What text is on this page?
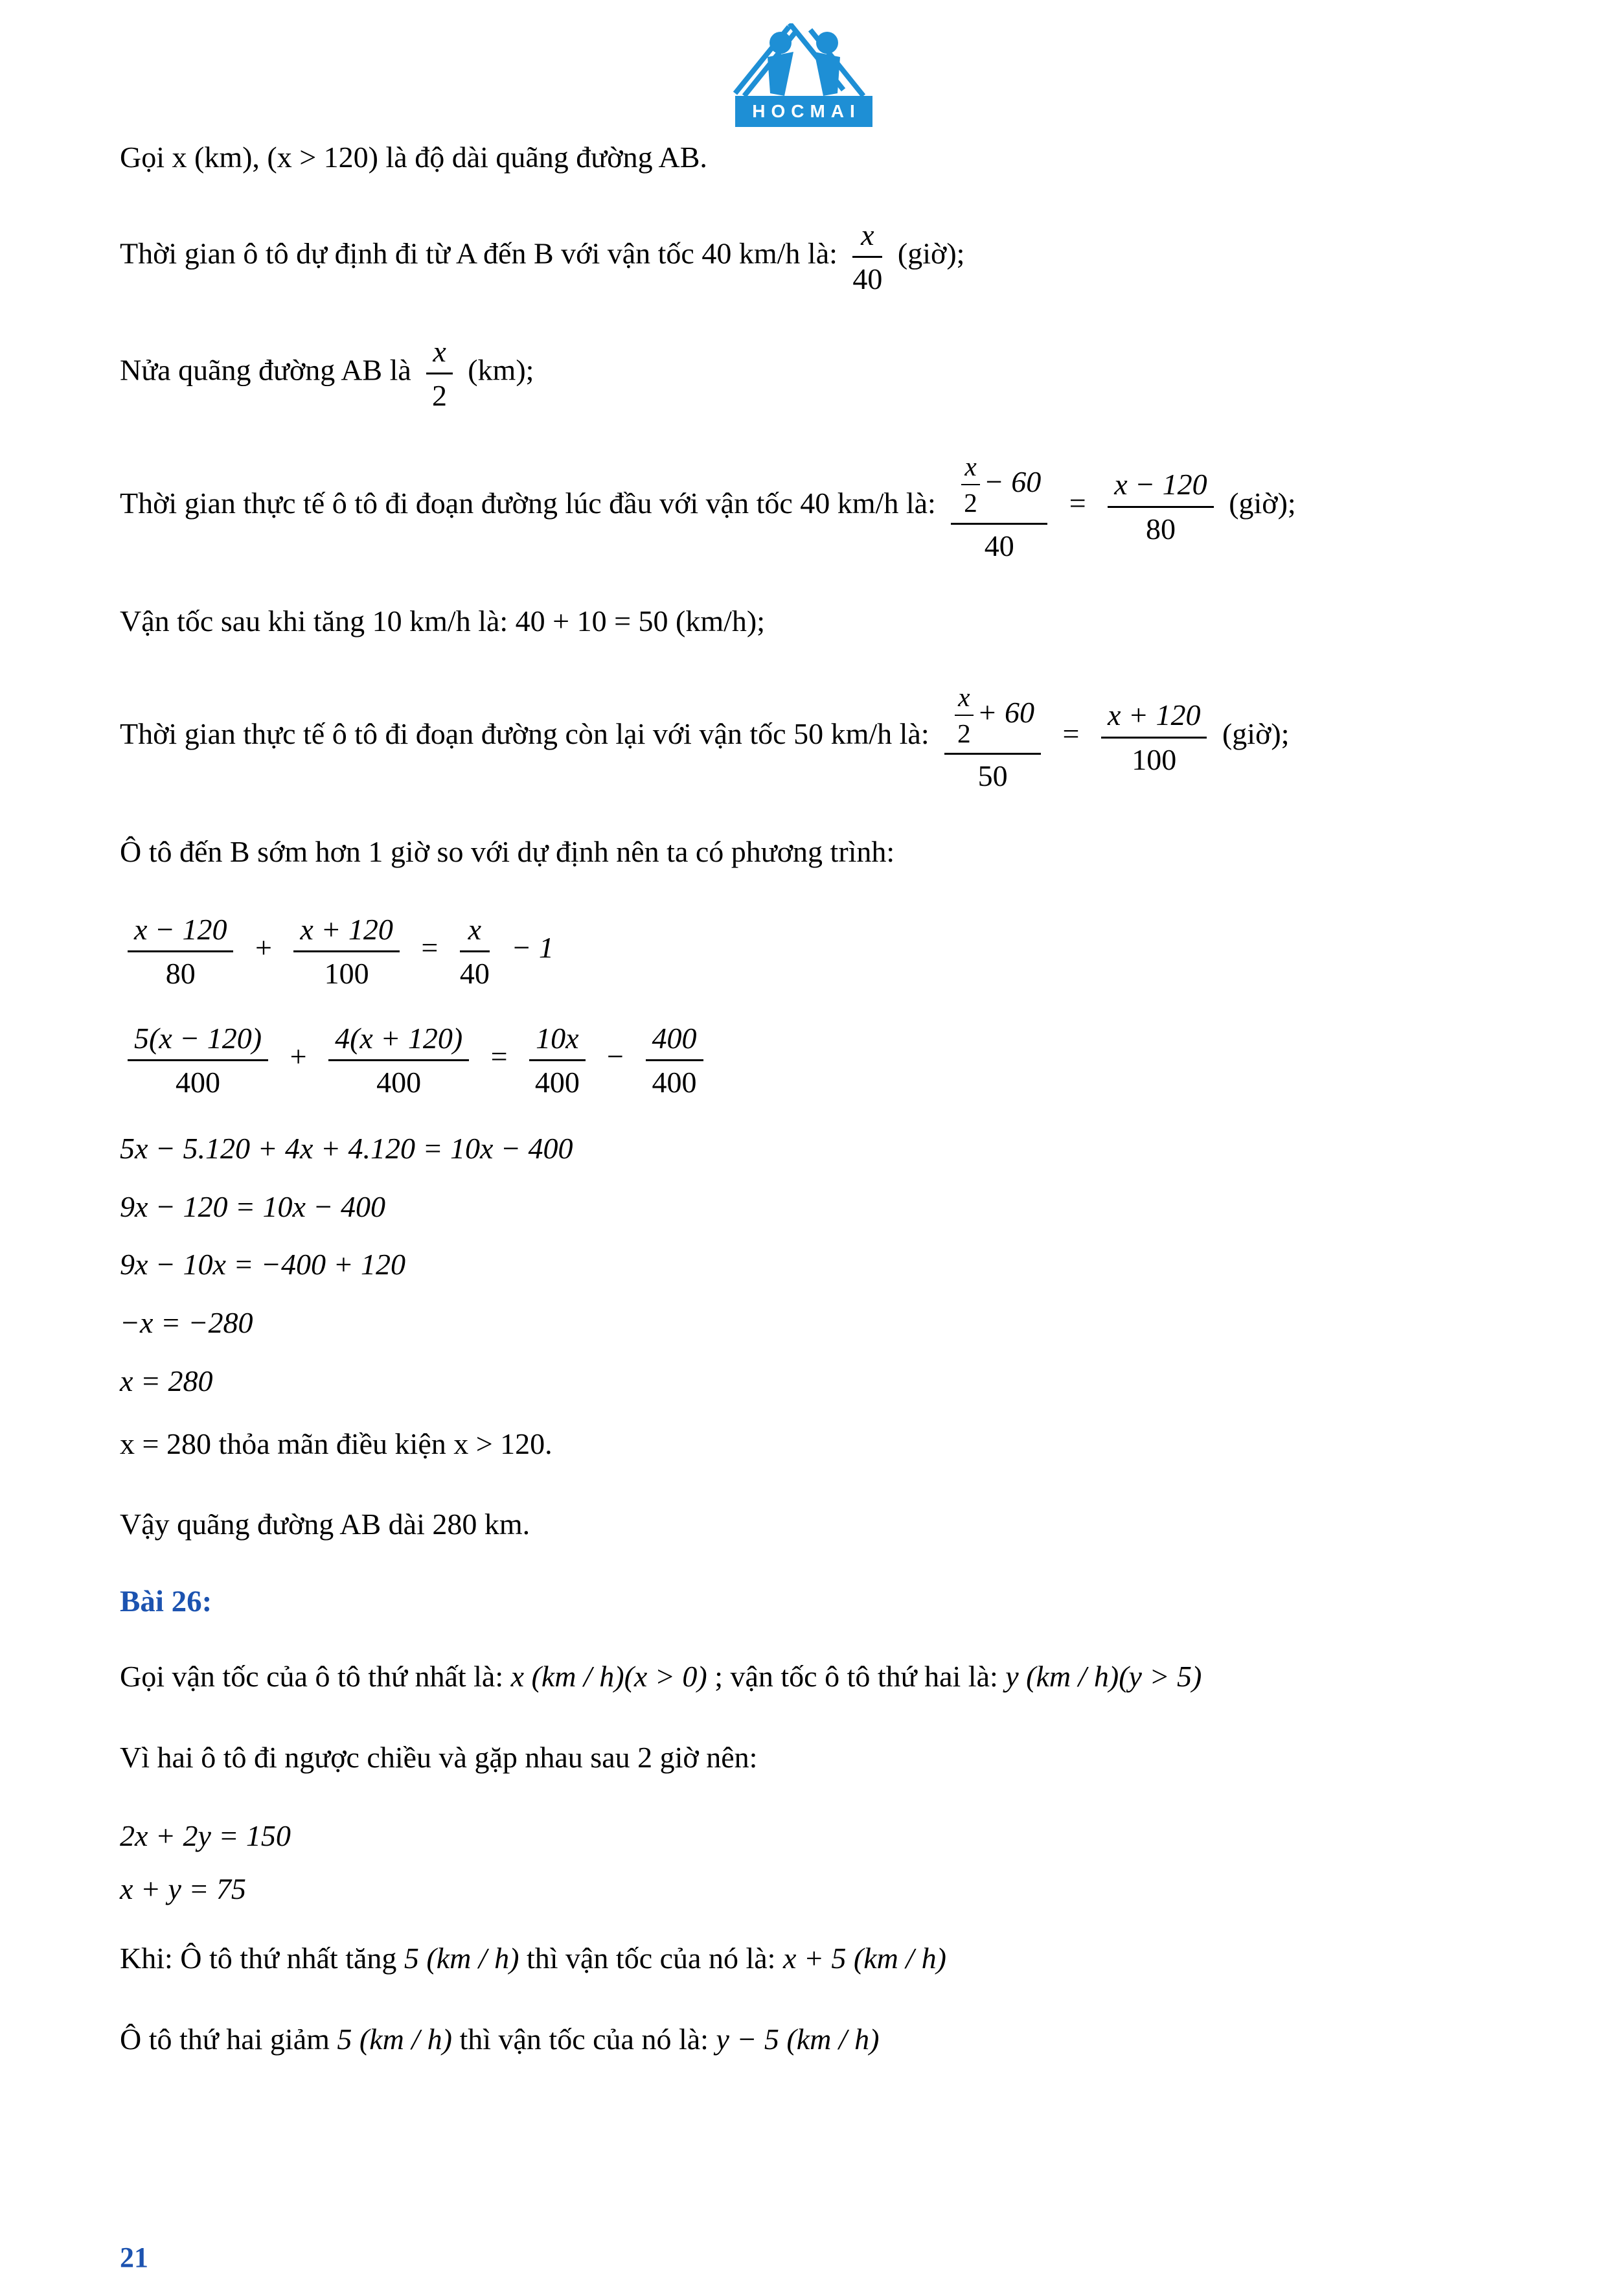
HOCMAI

Gọi x (km), (x > 120) là độ dài quãng đường AB.

Thời gian ô tô dự định đi từ A đến B với vận tốc 40 km/h là: $\frac{x}{40}$ (giờ);

Nửa quãng đường AB là $\frac{x}{2} (km)$;

Thời gian thực tế ô tô đi đoạn đường lúc đầu với vận tốc 40 km/h là: $\frac{\frac{x}{2} - 60}{40} = \frac{x - 120}{80}$ (giờ);

Vận tốc sau khi tăng 10 km/h là: 40 + 10 = 50 (km/h);

Thời gian thực tế ô tô đi đoạn đường còn lại với vận tốc 50 km/h là: $\frac{\frac{x}{2} + 60}{50} = \frac{x + 120}{100}$ (giờ);

Ô tô đến B sớm hơn 1 giờ so với dự định nên ta có phương trình:

$\frac{x - 120}{80} + \frac{x + 120}{100} = \frac{x}{40} - 1$

$\frac{5(x - 120)}{400} + \frac{4(x + 120)}{400} = \frac{10x}{400} - \frac{400}{400}$

5x − 5.120 + 4x + 4.120 = 10x − 400

9x − 120 = 10x − 400

9x − 10x = −400 + 120

−x = −280

x = 280

x = 280 thỏa mãn điều kiện x > 120.

Vậy quãng đường AB dài 280 km.

Bài 26:

Gọi vận tốc của ô tô thứ nhất là: x (km / h)(x > 0) ; vận tốc ô tô thứ hai là: y (km / h)(y > 5)

Vì hai ô tô đi ngược chiều và gặp nhau sau 2 giờ nên:

2x + 2y = 150

x + y = 75

Khi: Ô tô thứ nhất tăng 5 (km / h) thì vận tốc của nó là: x + 5 (km / h)

Ô tô thứ hai giảm 5 (km / h) thì vận tốc của nó là: y − 5 (km / h)

21
